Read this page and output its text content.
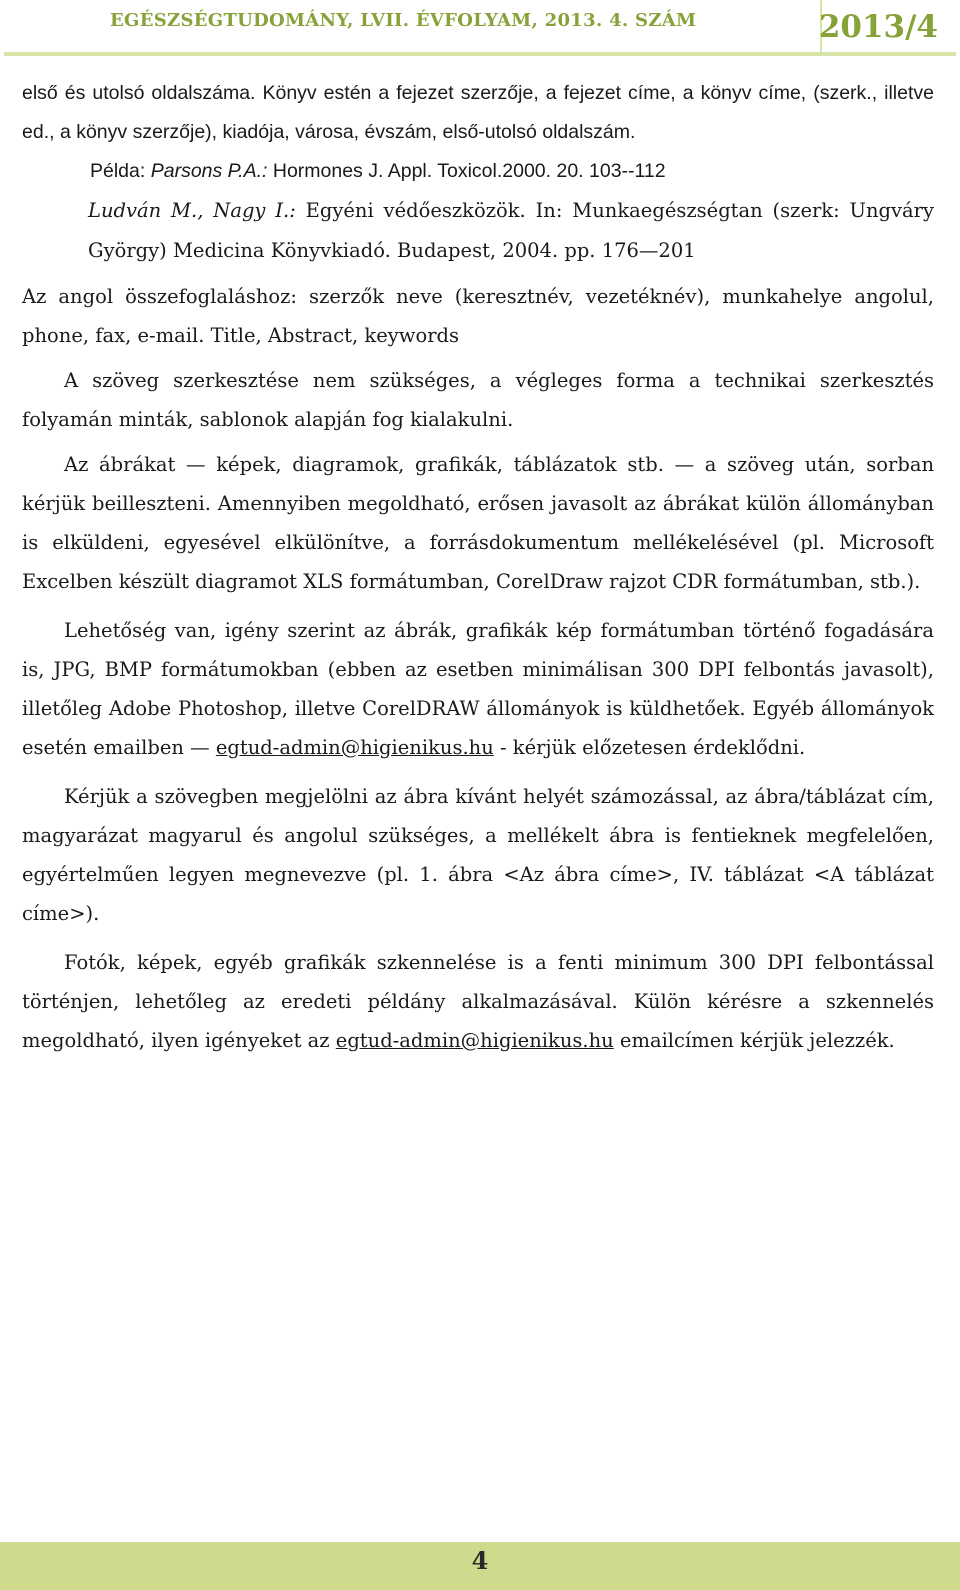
EGÉSZSÉGTUDOMÁNY, LVII. ÉVFOLYAM, 2013. 4. SZÁM	2013/4

első és utolsó oldalszáma. Könyv estén a fejezet szerzője, a fejezet címe, a könyv címe, (szerk., illetve ed., a könyv szerzője), kiadója, városa, évszám, első-utolsó oldalszám.

Példa: Parsons P.A.: Hormones J. Appl. Toxicol.2000. 20. 103--112

Ludván M., Nagy I.: Egyéni védőeszközök. In: Munkaegészségtan (szerk: Ungváry György) Medicina Könyvkiadó. Budapest, 2004. pp. 176—201

Az angol összefoglaláshoz: szerzők neve (keresztnév, vezetéknév), munkahelye angolul, phone, fax, e-mail. Title, Abstract, keywords

A szöveg szerkesztése nem szükséges, a végleges forma a technikai szerkesztés folyamán minták, sablonok alapján fog kialakulni.

Az ábrákat — képek, diagramok, grafikák, táblázatok stb. — a szöveg után, sorban kérjük beilleszteni. Amennyiben megoldható, erősen javasolt az ábrákat külön állományban is elküldeni, egyesével elkülönítve, a forrásdokumentum mellékelésével (pl. Microsoft Excelben készült diagramot XLS formátumban, CorelDraw rajzot CDR formátumban, stb.).

Lehetőség van, igény szerint az ábrák, grafikák kép formátumban történő fogadására is, JPG, BMP formátumokban (ebben az esetben minimálisan 300 DPI felbontás javasolt), illetőleg Adobe Photoshop, illetve CorelDRAW állományok is küldhetőek. Egyéb állományok esetén emailben — egtud-admin@higienikus.hu - kérjük előzetesen érdeklődni.

Kérjük a szövegben megjelölni az ábra kívánt helyét számozással, az ábra/táblázat cím, magyarázat magyarul és angolul szükséges, a mellékelt ábra is fentieknek megfelelően, egyértelműen legyen megnevezve (pl. 1. ábra <Az ábra címe>, IV. táblázat <A táblázat címe>).

Fotók, képek, egyéb grafikák szkennelése is a fenti minimum 300 DPI felbontással történjen, lehetőleg az eredeti példány alkalmazásával. Külön kérésre a szkennelés megoldható, ilyen igényeket az egtud-admin@higienikus.hu emailcímen kérjük jelezzék.

4
